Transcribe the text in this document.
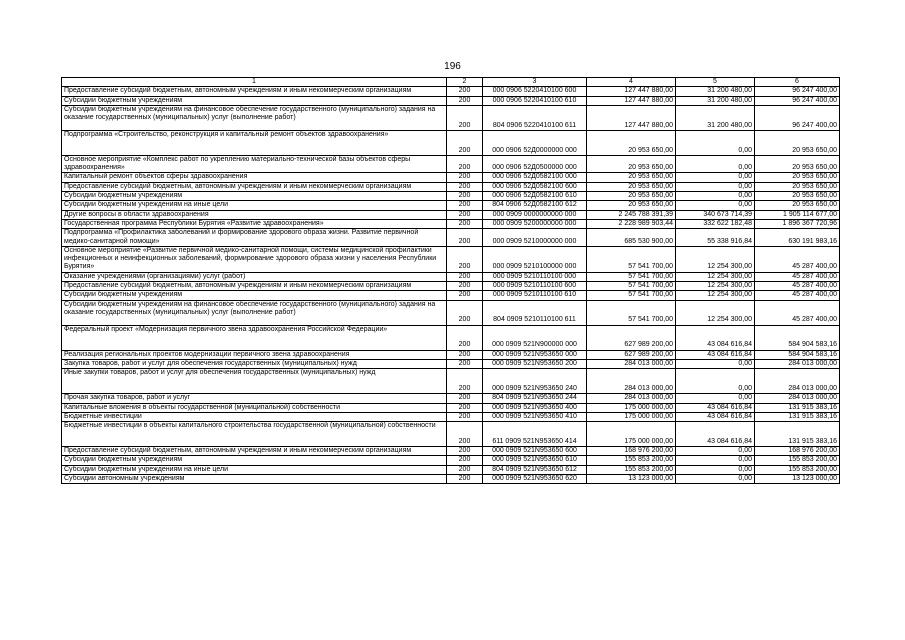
196
1	2	3	4	5	6
Предоставление субсидий бюджетным, автономным учреждениям и иным некоммерческим организациям	200	000 0906 5220410100 600	127 447 880,00	31 200 480,00	96 247 400,00
Субсидии бюджетным учреждениям	200	000 0906 5220410100 610	127 447 880,00	31 200 480,00	96 247 400,00
Субсидии бюджетным учреждениям на финансовое обеспечение государственного (муниципального) задания на оказание государственных (муниципальных) услуг (выполнение работ)	200	804 0906 5220410100 611	127 447 880,00	31 200 480,00	96 247 400,00
Подпрограмма «Строительство, реконструкция и капитальный ремонт объектов здравоохранения»	200	000 0906 52Д0000000 000	20 953 650,00	0,00	20 953 650,00
Основное мероприятие «Комплекс работ по укреплению материально-технической базы объектов сферы здравоохранения»	200	000 0906 52Д0500000 000	20 953 650,00	0,00	20 953 650,00
Капитальный ремонт объектов сферы здравоохранения	200	000 0906 52Д0582100 000	20 953 650,00	0,00	20 953 650,00
Предоставление субсидий бюджетным, автономным учреждениям и иным некоммерческим организациям	200	000 0906 52Д0582100 600	20 953 650,00	0,00	20 953 650,00
Субсидии бюджетным учреждениям	200	000 0906 52Д0582100 610	20 953 650,00	0,00	20 953 650,00
Субсидии бюджетным учреждениям на иные цели	200	804 0906 52Д0582100 612	20 953 650,00	0,00	20 953 650,00
Другие вопросы в области здравоохранения	200	000 0909 0000000000 000	2 245 788 391,39	340 673 714,39	1 905 114 677,00
Государственная программа Республики Бурятия «Развитие здравоохранения»	200	000 0909 5200000000 000	2 228 989 903,44	332 622 182,48	1 896 367 720,96
Подпрограмма «Профилактика заболеваний и формирование здорового образа жизни. Развитие первичной медико-санитарной помощи»	200	000 0909 5210000000 000	685 530 900,00	55 338 916,84	630 191 983,16
Основное мероприятие «Развитие первичной медико-санитарной помощи, системы медицинской профилактики инфекционных и неинфекционных заболеваний, формирование здорового образа жизни у населения Республики Бурятия»	200	000 0909 5210100000 000	57 541 700,00	12 254 300,00	45 287 400,00
Оказание учреждениями (организациями) услуг (работ)	200	000 0909 5210110100 000	57 541 700,00	12 254 300,00	45 287 400,00
Предоставление субсидий бюджетным, автономным учреждениям и иным некоммерческим организациям	200	000 0909 5210110100 600	57 541 700,00	12 254 300,00	45 287 400,00
Субсидии бюджетным учреждениям	200	000 0909 5210110100 610	57 541 700,00	12 254 300,00	45 287 400,00
Субсидии бюджетным учреждениям на финансовое обеспечение государственного (муниципального) задания на оказание государственных (муниципальных) услуг (выполнение работ)	200	804 0909 5210110100 611	57 541 700,00	12 254 300,00	45 287 400,00
Федеральный проект «Модернизация первичного звена здравоохранения Российской Федерации»	200	000 0909 521N900000 000	627 989 200,00	43 084 616,84	584 904 583,16
Реализация региональных проектов модернизации первичного звена здравоохранения	200	000 0909 521N953650 000	627 989 200,00	43 084 616,84	584 904 583,16
Закупка товаров, работ и услуг для обеспечения государственных (муниципальных) нужд	200	000 0909 521N953650 200	284 013 000,00	0,00	284 013 000,00
Иные закупки товаров, работ и услуг для обеспечения государственных (муниципальных) нужд	200	000 0909 521N953650 240	284 013 000,00	0,00	284 013 000,00
Прочая закупка товаров, работ и услуг	200	804 0909 521N953650 244	284 013 000,00	0,00	284 013 000,00
Капитальные вложения в объекты государственной (муниципальной) собственности	200	000 0909 521N953650 400	175 000 000,00	43 084 616,84	131 915 383,16
Бюджетные инвестиции	200	000 0909 521N953650 410	175 000 000,00	43 084 616,84	131 915 383,16
Бюджетные инвестиции в объекты капитального строительства государственной (муниципальной) собственности	200	611 0909 521N953650 414	175 000 000,00	43 084 616,84	131 915 383,16
Предоставление субсидий бюджетным, автономным учреждениям и иным некоммерческим организациям	200	000 0909 521N953650 600	168 976 200,00	0,00	168 976 200,00
Субсидии бюджетным учреждениям	200	000 0909 521N953650 610	155 853 200,00	0,00	155 853 200,00
Субсидии бюджетным учреждениям на иные цели	200	804 0909 521N953650 612	155 853 200,00	0,00	155 853 200,00
Субсидии автономным учреждениям	200	000 0909 521N953650 620	13 123 000,00	0,00	13 123 000,00
